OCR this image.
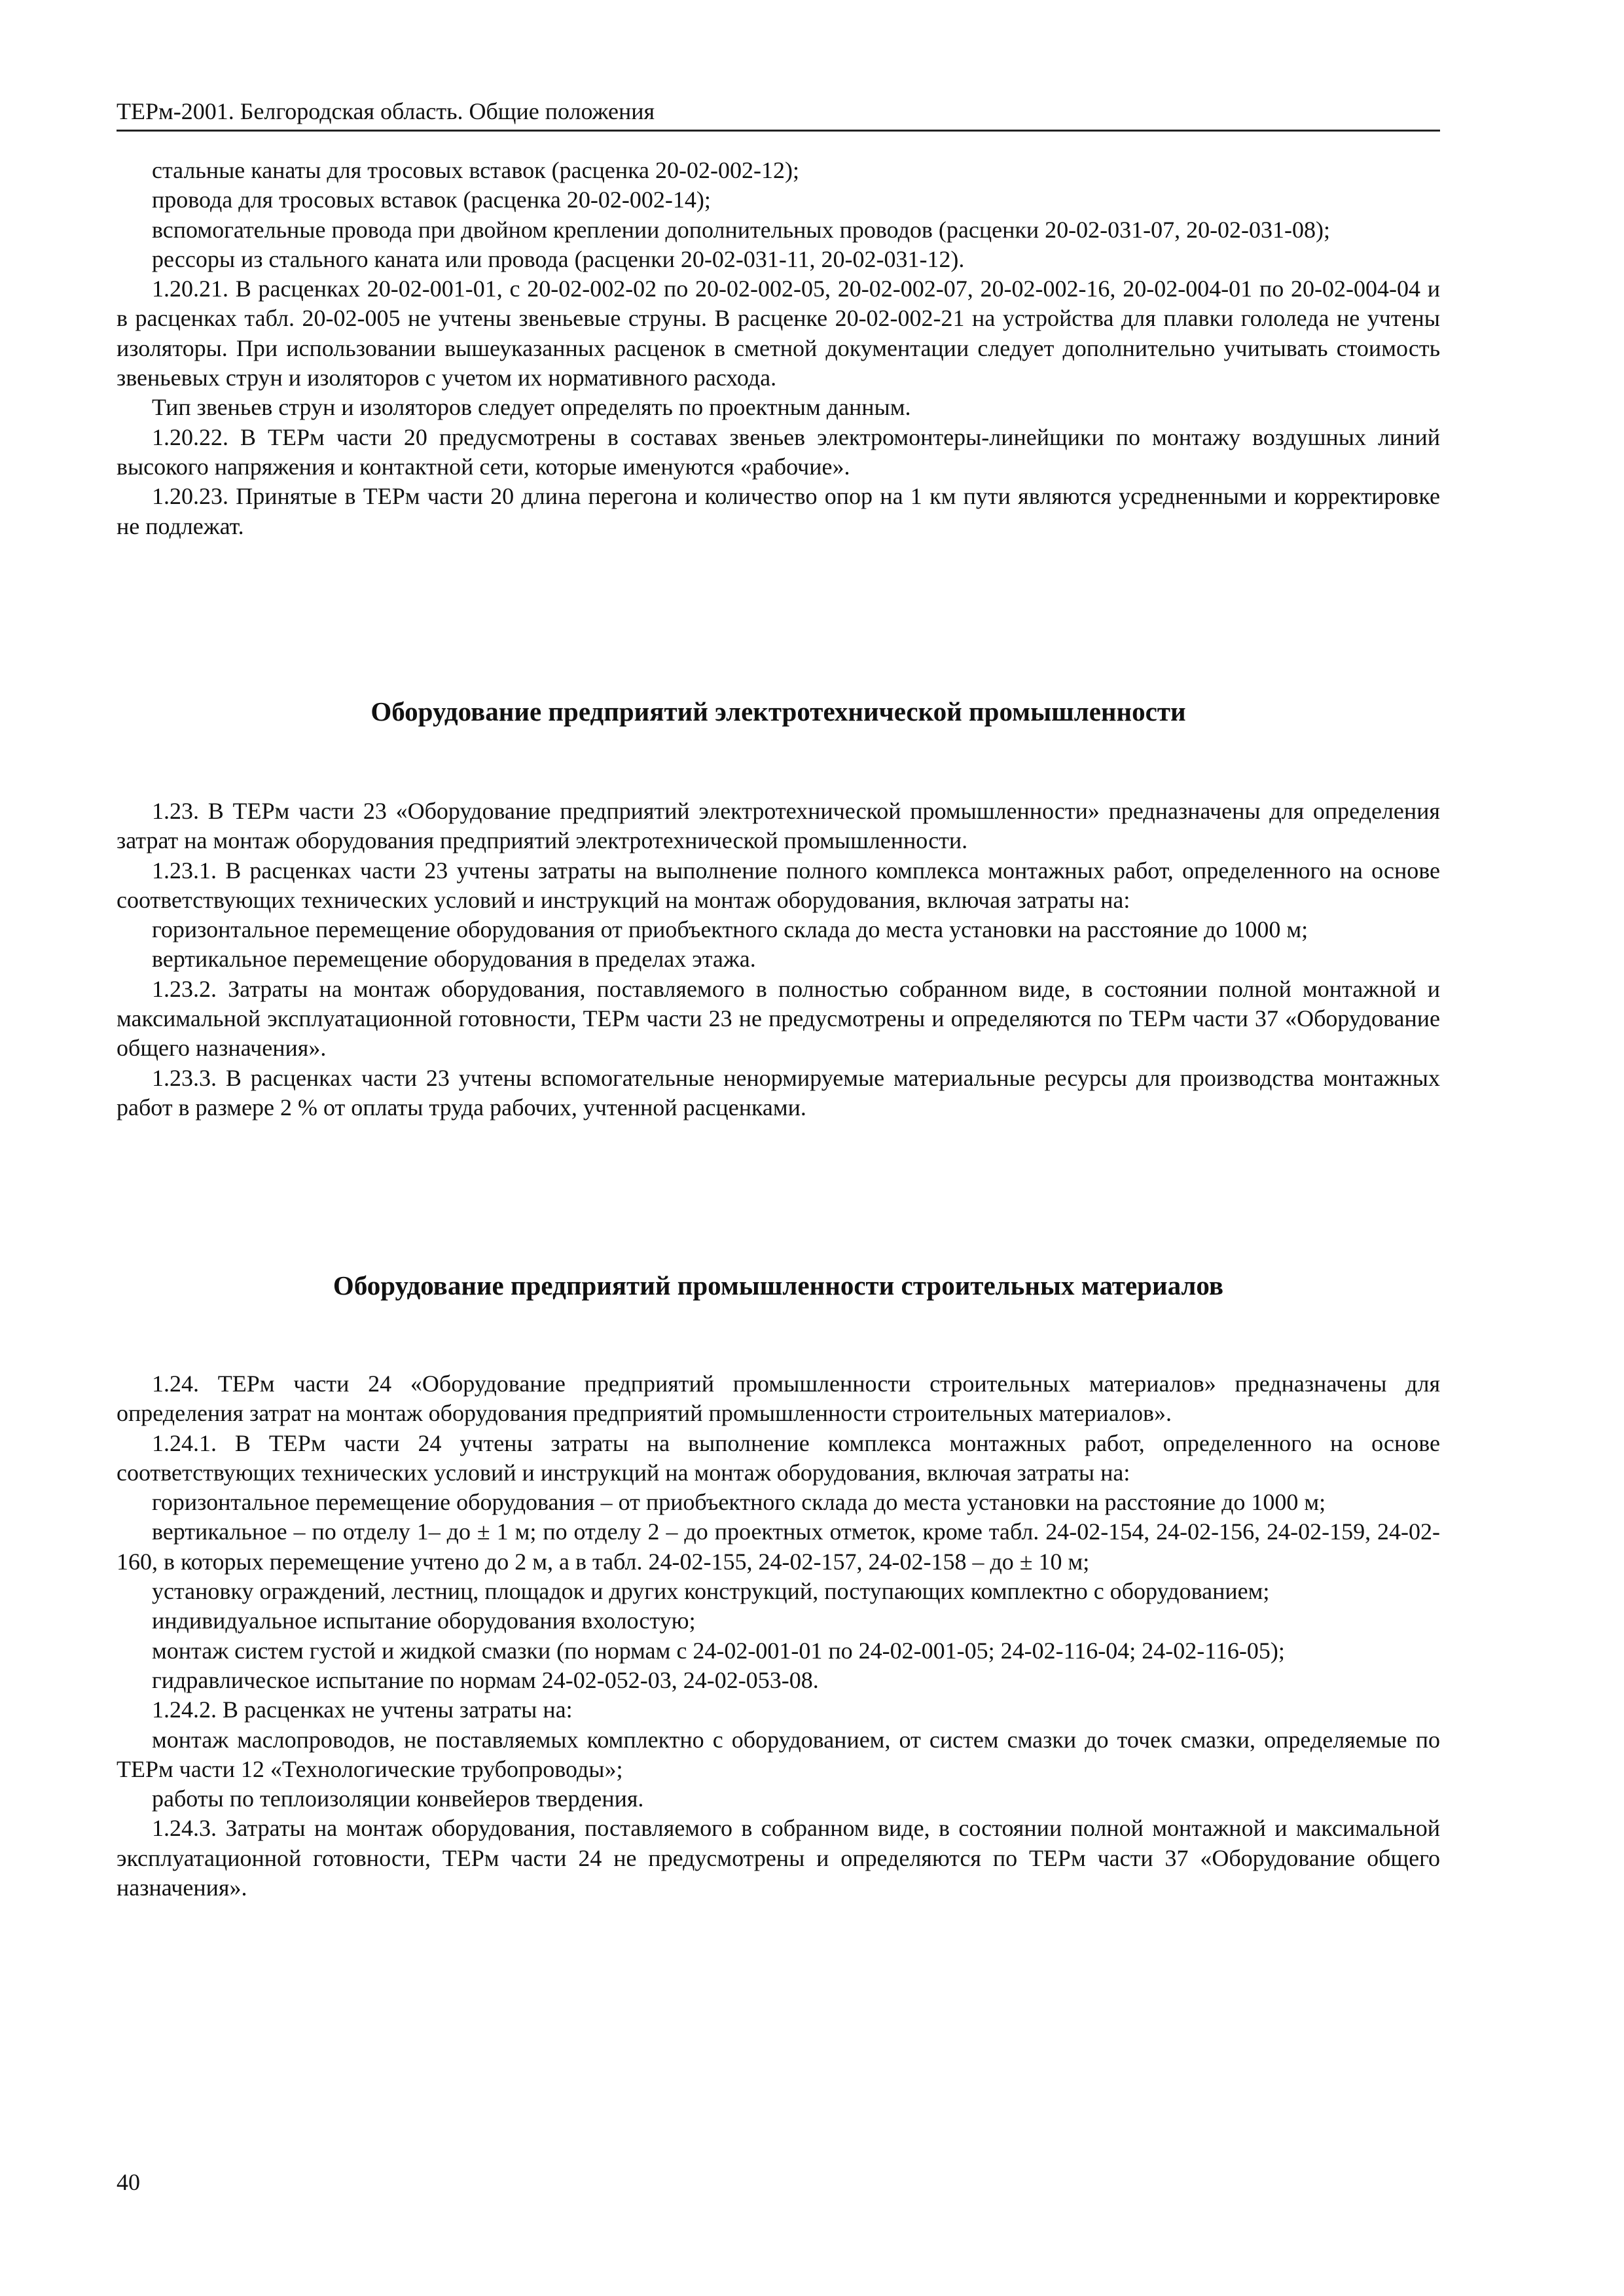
ТЕРм-2001. Белгородская область. Общие положения

стальные канаты для тросовых вставок (расценка 20-02-002-12);

провода для тросовых вставок (расценка 20-02-002-14);

вспомогательные провода при двойном креплении дополнительных проводов (расценки 20-02-031-07, 20-02-031-08);

рессоры из стального каната или провода (расценки 20-02-031-11, 20-02-031-12).

1.20.21. В расценках 20-02-001-01, с 20-02-002-02 по 20-02-002-05, 20-02-002-07, 20-02-002-16, 20-02-004-01 по 20-02-004-04 и в расценках табл. 20-02-005 не учтены звеньевые струны. В расценке 20-02-002-21 на устройства для плавки гололеда не учтены изоляторы. При использовании вышеуказанных расценок в сметной документации следует дополнительно учитывать стоимость звеньевых струн и изоляторов с учетом их нормативного расхода.

Тип звеньев струн и изоляторов следует определять по проектным данным.

1.20.22. В ТЕРм части 20 предусмотрены в составах звеньев электромонтеры-линейщики по монтажу воздушных линий высокого напряжения и контактной сети, которые именуются «рабочие».

1.20.23. Принятые в ТЕРм части 20 длина перегона и количество опор на 1 км пути являются усредненными и корректировке не подлежат.

Оборудование предприятий электротехнической промышленности

1.23. В ТЕРм части 23 «Оборудование предприятий электротехнической промышленности» предназначены для определения затрат на монтаж оборудования предприятий электротехнической промышленности.

1.23.1. В расценках части 23 учтены затраты на выполнение полного комплекса монтажных работ, определенного на основе соответствующих технических условий и инструкций на монтаж оборудования, включая затраты на:

горизонтальное перемещение оборудования от приобъектного склада до места установки на расстояние до 1000 м;

вертикальное перемещение оборудования в пределах этажа.

1.23.2. Затраты на монтаж оборудования, поставляемого в полностью собранном виде, в состоянии полной монтажной и максимальной эксплуатационной готовности, ТЕРм части 23 не предусмотрены и определяются по ТЕРм части 37 «Оборудование общего назначения».

1.23.3. В расценках части 23 учтены вспомогательные ненормируемые материальные ресурсы для производства монтажных работ в размере 2 % от оплаты труда рабочих, учтенной расценками.

Оборудование предприятий промышленности строительных материалов

1.24. ТЕРм части 24 «Оборудование предприятий промышленности строительных материалов» предназначены для определения затрат на монтаж оборудования предприятий промышленности строительных материалов».

1.24.1. В ТЕРм части 24 учтены затраты на выполнение комплекса монтажных работ, определенного на основе соответствующих технических условий и инструкций на монтаж оборудования, включая затраты на:

горизонтальное перемещение оборудования – от приобъектного склада до места установки на расстояние до 1000 м;

вертикальное – по отделу 1– до ± 1 м; по отделу 2 – до проектных отметок, кроме табл. 24-02-154, 24-02-156, 24-02-159, 24-02-160, в которых перемещение учтено до 2 м, а в табл. 24-02-155, 24-02-157, 24-02-158 – до ± 10 м;

установку ограждений, лестниц, площадок и других конструкций, поступающих комплектно с оборудованием;

индивидуальное испытание оборудования вхолостую;

монтаж систем густой и жидкой смазки (по нормам с 24-02-001-01 по 24-02-001-05; 24-02-116-04; 24-02-116-05);

гидравлическое испытание по нормам 24-02-052-03, 24-02-053-08.

1.24.2. В расценках не учтены затраты на:

монтаж маслопроводов, не поставляемых комплектно с оборудованием, от систем смазки до точек смазки, определяемые по ТЕРм части 12 «Технологические трубопроводы»;

работы по теплоизоляции конвейеров твердения.

1.24.3. Затраты на монтаж оборудования, поставляемого в собранном виде, в состоянии полной монтажной и максимальной эксплуатационной готовности, ТЕРм части 24 не предусмотрены и определяются по ТЕРм части 37 «Оборудование общего назначения».

40
